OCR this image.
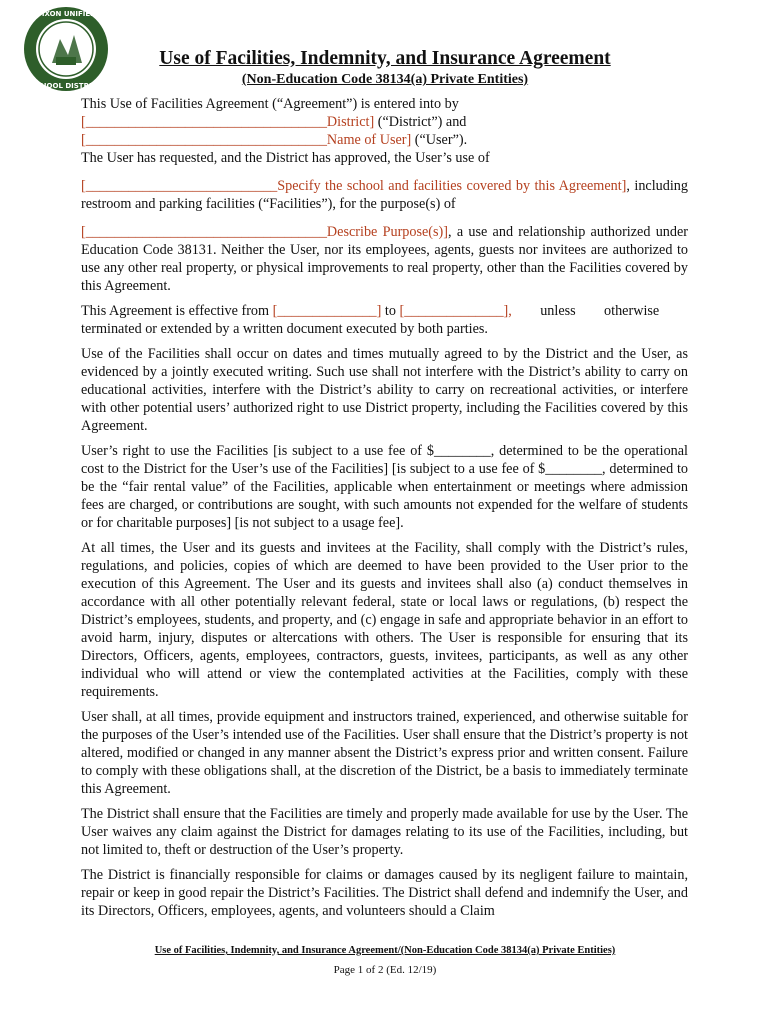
DIXON UNIFIED
SCHOOL DISTRICT
Use of Facilities, Indemnity, and Insurance Agreement
(Non-Education Code 38134(a) Private Entities)

This Use of Facilities Agreement (“Agreement”) is entered into by
[__________________________________District] (“District”) and
[__________________________________Name of User] (“User”).
The User has requested, and the District has approved, the User’s use of

[___________________________Specify the school and facilities covered by this Agreement], including restroom and parking facilities (“Facilities”), for the purpose(s) of

[__________________________________Describe Purpose(s)], a use and relationship authorized under Education Code 38131. Neither the User, nor its employees, agents, guests nor invitees are authorized to use any other real property, or physical improvements to real property, other than the Facilities covered by this Agreement.

This Agreement is effective from [______________] to [______________],        unless        otherwise
terminated or extended by a written document executed by both parties.

Use of the Facilities shall occur on dates and times mutually agreed to by the District and the User, as evidenced by a jointly executed writing. Such use shall not interfere with the District’s ability to carry on educational activities, interfere with the District’s ability to carry on recreational activities, or interfere with other potential users’ authorized right to use District property, including the Facilities covered by this Agreement.

User’s right to use the Facilities [is subject to a use fee of $________, determined to be the operational cost to the District for the User’s use of the Facilities] [is subject to a use fee of $________, determined to be the “fair rental value” of the Facilities, applicable when entertainment or meetings where admission fees are charged, or contributions are sought, with such amounts not expended for the welfare of students or for charitable purposes] [is not subject to a usage fee].

At all times, the User and its guests and invitees at the Facility, shall comply with the District’s rules, regulations, and policies, copies of which are deemed to have been provided to the User prior to the execution of this Agreement. The User and its guests and invitees shall also (a) conduct themselves in accordance with all other potentially relevant federal, state or local laws or regulations, (b) respect the District’s employees, students, and property, and (c) engage in safe and appropriate behavior in an effort to avoid harm, injury, disputes or altercations with others. The User is responsible for ensuring that its Directors, Officers, agents, employees, contractors, guests, invitees, participants, as well as any other individual who will attend or view the contemplated activities at the Facilities, comply with these requirements.

User shall, at all times, provide equipment and instructors trained, experienced, and otherwise suitable for the purposes of the User’s intended use of the Facilities. User shall ensure that the District’s property is not altered, modified or changed in any manner absent the District’s express prior and written consent. Failure to comply with these obligations shall, at the discretion of the District, be a basis to immediately terminate this Agreement.

The District shall ensure that the Facilities are timely and properly made available for use by the User. The User waives any claim against the District for damages relating to its use of the Facilities, including, but not limited to, theft or destruction of the User’s property.

The District is financially responsible for claims or damages caused by its negligent failure to maintain, repair or keep in good repair the District’s Facilities. The District shall defend and indemnify the User, and its Directors, Officers, employees, agents, and volunteers should a Claim

Use of Facilities, Indemnity, and Insurance Agreement/(Non-Education Code 38134(a) Private Entities)
Page 1 of 2 (Ed. 12/19)
